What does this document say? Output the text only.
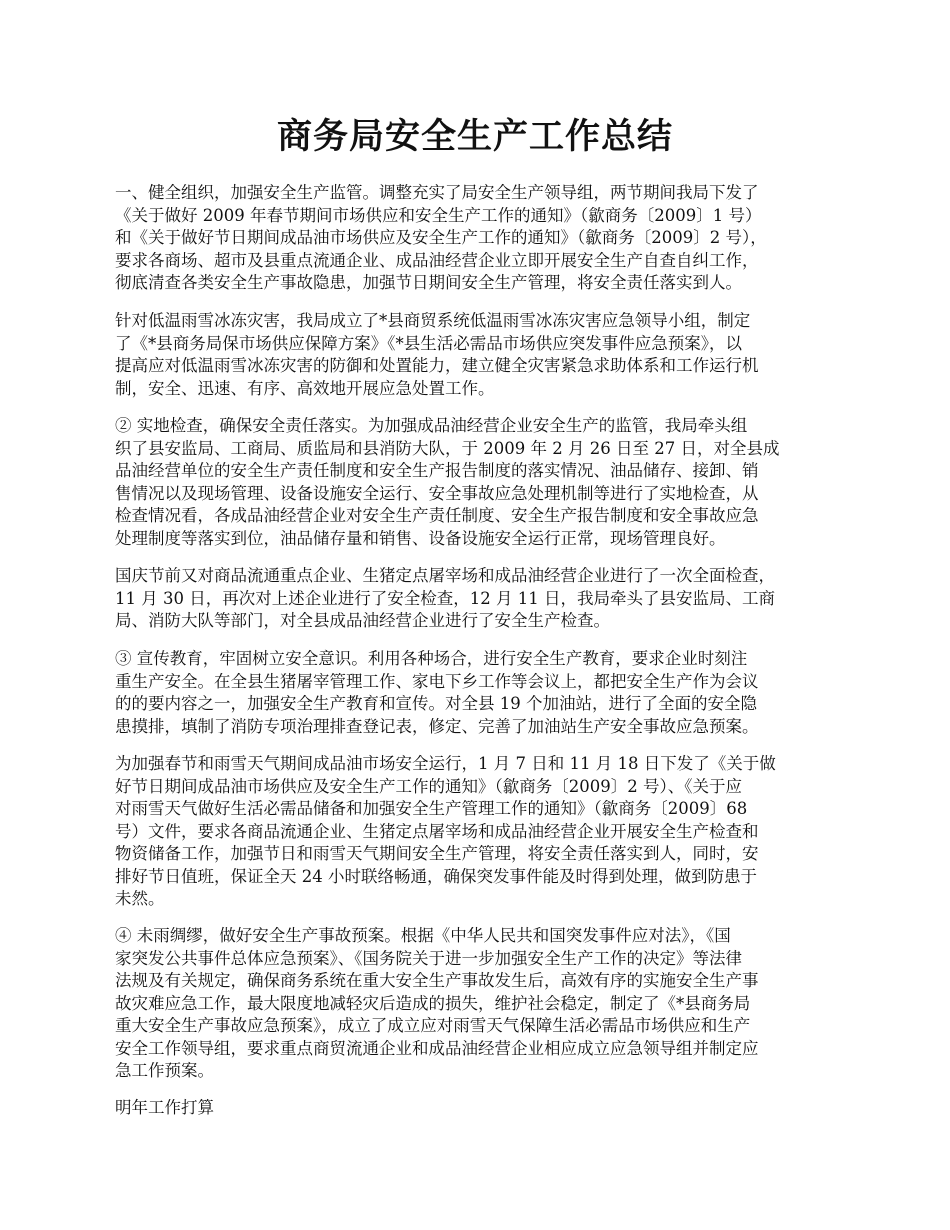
商务局安全生产工作总结
一、健全组织，加强安全生产监管。调整充实了局安全生产领导组，两节期间我局下发了
《关于做好 2009 年春节期间市场供应和安全生产工作的通知》（歙商务〔2009〕1 号）
和《关于做好节日期间成品油市场供应及安全生产工作的通知》（歙商务〔2009〕2 号），
要求各商场、超市及县重点流通企业、成品油经营企业立即开展安全生产自查自纠工作，
彻底清查各类安全生产事故隐患，加强节日期间安全生产管理，将安全责任落实到人。
针对低温雨雪冰冻灾害，我局成立了*县商贸系统低温雨雪冰冻灾害应急领导小组，制定
了《*县商务局保市场供应保障方案》《*县生活必需品市场供应突发事件应急预案》，以
提高应对低温雨雪冰冻灾害的防御和处置能力，建立健全灾害紧急求助体系和工作运行机
制，安全、迅速、有序、高效地开展应急处置工作。
② 实地检查，确保安全责任落实。为加强成品油经营企业安全生产的监管，我局牵头组
织了县安监局、工商局、质监局和县消防大队，于 2009 年 2 月 26 日至 27 日，对全县成
品油经营单位的安全生产责任制度和安全生产报告制度的落实情况、油品储存、接卸、销
售情况以及现场管理、设备设施安全运行、安全事故应急处理机制等进行了实地检查，从
检查情况看，各成品油经营企业对安全生产责任制度、安全生产报告制度和安全事故应急
处理制度等落实到位，油品储存量和销售、设备设施安全运行正常，现场管理良好。
国庆节前又对商品流通重点企业、生猪定点屠宰场和成品油经营企业进行了一次全面检查，
11 月 30 日，再次对上述企业进行了安全检查，12 月 11 日，我局牵头了县安监局、工商
局、消防大队等部门，对全县成品油经营企业进行了安全生产检查。
③ 宣传教育，牢固树立安全意识。利用各种场合，进行安全生产教育，要求企业时刻注
重生产安全。在全县生猪屠宰管理工作、家电下乡工作等会议上，都把安全生产作为会议
的的要内容之一，加强安全生产教育和宣传。对全县 19 个加油站，进行了全面的安全隐
患摸排，填制了消防专项治理排查登记表，修定、完善了加油站生产安全事故应急预案。
为加强春节和雨雪天气期间成品油市场安全运行，1 月 7 日和 11 月 18 日下发了《关于做
好节日期间成品油市场供应及安全生产工作的通知》（歙商务〔2009〕2 号）、《关于应
对雨雪天气做好生活必需品储备和加强安全生产管理工作的通知》（歙商务〔2009〕68
号）文件，要求各商品流通企业、生猪定点屠宰场和成品油经营企业开展安全生产检查和
物资储备工作，加强节日和雨雪天气期间安全生产管理，将安全责任落实到人，同时，安
排好节日值班，保证全天 24 小时联络畅通，确保突发事件能及时得到处理，做到防患于
未然。
④ 未雨绸缪，做好安全生产事故预案。根据《中华人民共和国突发事件应对法》，《国
家突发公共事件总体应急预案》、《国务院关于进一步加强安全生产工作的决定》等法律
法规及有关规定，确保商务系统在重大安全生产事故发生后，高效有序的实施安全生产事
故灾难应急工作，最大限度地减轻灾后造成的损失，维护社会稳定，制定了《*县商务局
重大安全生产事故应急预案》，成立了成立应对雨雪天气保障生活必需品市场供应和生产
安全工作领导组，要求重点商贸流通企业和成品油经营企业相应成立应急领导组并制定应
急工作预案。
明年工作打算
